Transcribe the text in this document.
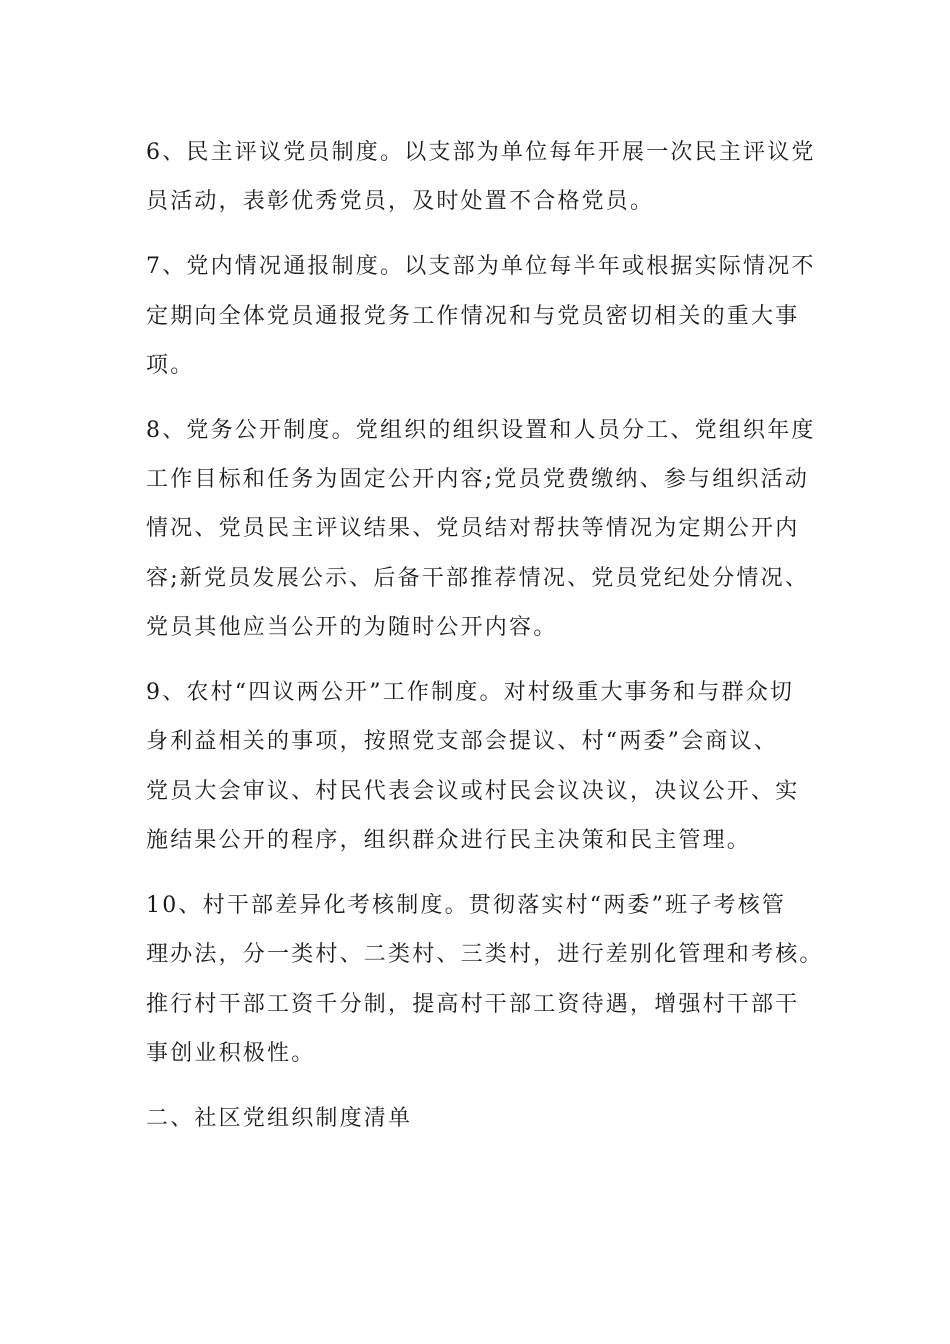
6、民主评议党员制度。以支部为单位每年开展一次民主评议党
员活动，表彰优秀党员，及时处置不合格党员。
7、党内情况通报制度。以支部为单位每半年或根据实际情况不
定期向全体党员通报党务工作情况和与党员密切相关的重大事
项。
8、党务公开制度。党组织的组织设置和人员分工、党组织年度
工作目标和任务为固定公开内容;党员党费缴纳、参与组织活动
情况、党员民主评议结果、党员结对帮扶等情况为定期公开内
容;新党员发展公示、后备干部推荐情况、党员党纪处分情况、
党员其他应当公开的为随时公开内容。
9、农村“四议两公开”工作制度。对村级重大事务和与群众切
身利益相关的事项，按照党支部会提议、村“两委”会商议、
党员大会审议、村民代表会议或村民会议决议，决议公开、实
施结果公开的程序，组织群众进行民主决策和民主管理。
10、村干部差异化考核制度。贯彻落实村“两委”班子考核管
理办法，分一类村、二类村、三类村，进行差别化管理和考核。
推行村干部工资千分制，提高村干部工资待遇，增强村干部干
事创业积极性。
二、社区党组织制度清单
